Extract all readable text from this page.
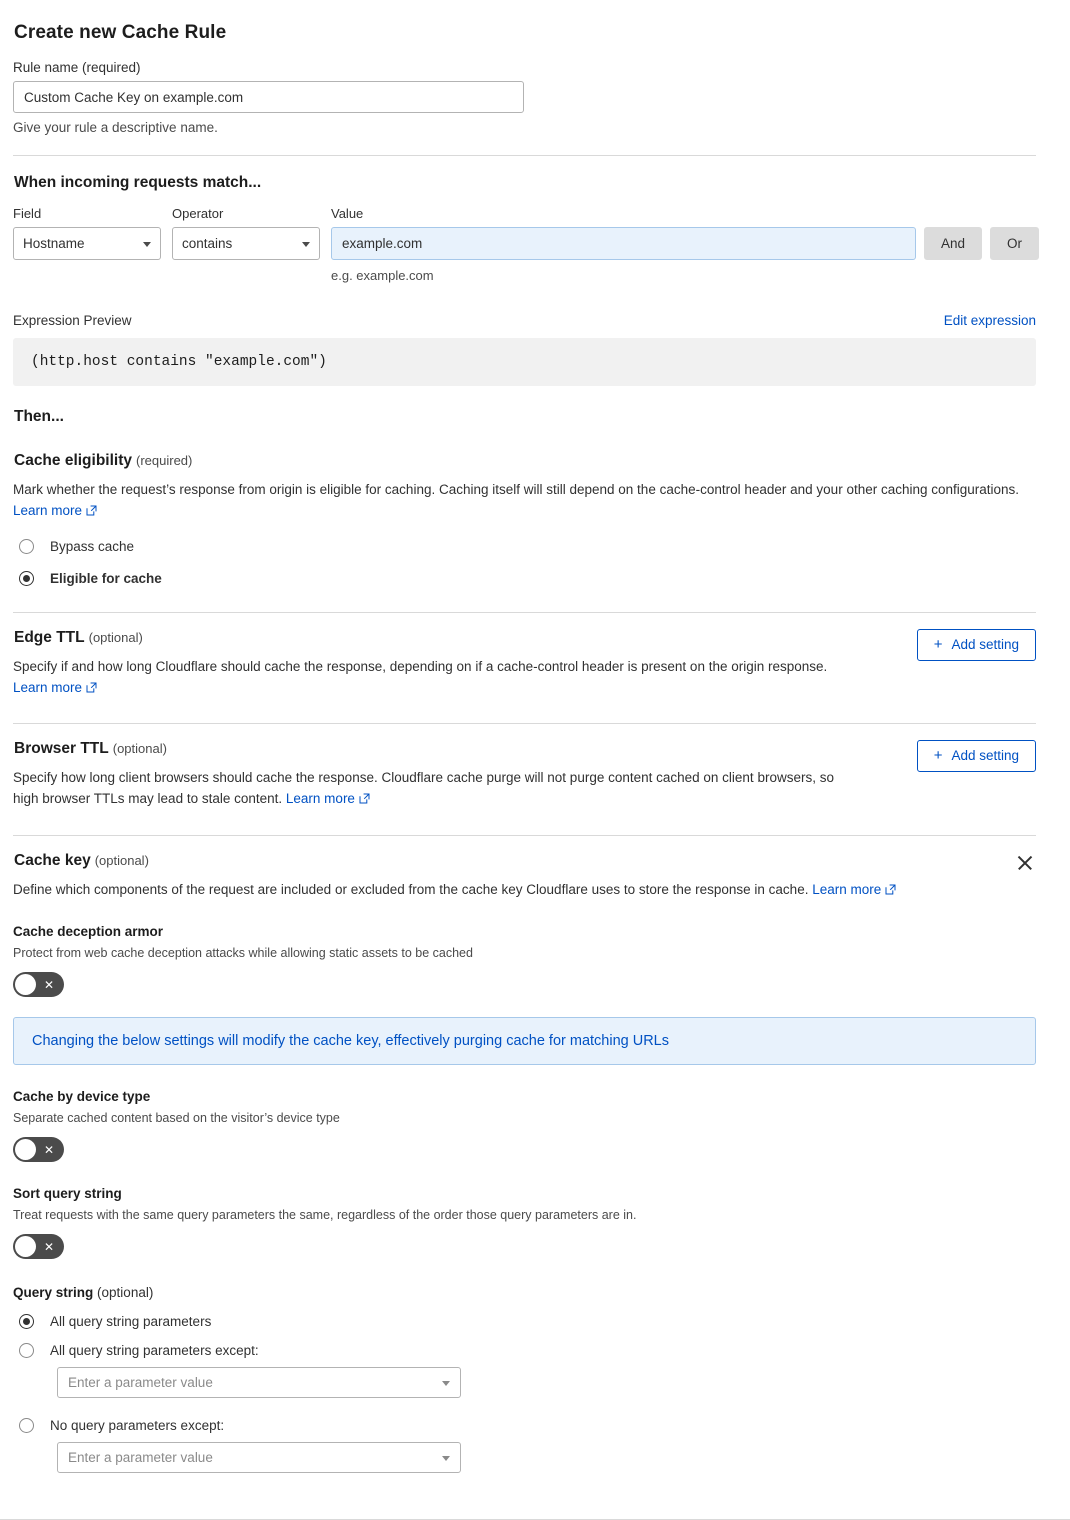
Create new Cache Rule
Rule name (required)
Custom Cache Key on example.com
Give your rule a descriptive name.
When incoming requests match...
Field
Hostname
Operator
contains
Value
example.com
e.g. example.com
And	Or
Expression Preview	Edit expression
(http.host contains "example.com")
Then...
Cache eligibility (required)
Mark whether the request’s response from origin is eligible for caching. Caching itself will still depend on the cache-control header and your other caching configurations. Learn more
Bypass cache
Eligible for cache
Edge TTL (optional)
Specify if and how long Cloudflare should cache the response, depending on if a cache-control header is present on the origin response. Learn more
+ Add setting
Browser TTL (optional)
Specify how long client browsers should cache the response. Cloudflare cache purge will not purge content cached on client browsers, so high browser TTLs may lead to stale content. Learn more
+ Add setting
Cache key (optional)
Define which components of the request are included or excluded from the cache key Cloudflare uses to store the response in cache. Learn more
Cache deception armor
Protect from web cache deception attacks while allowing static assets to be cached
✕
Changing the below settings will modify the cache key, effectively purging cache for matching URLs
Cache by device type
Separate cached content based on the visitor’s device type
✕
Sort query string
Treat requests with the same query parameters the same, regardless of the order those query parameters are in.
✕
Query string (optional)
All query string parameters
All query string parameters except:
Enter a parameter value
No query parameters except:
Enter a parameter value
